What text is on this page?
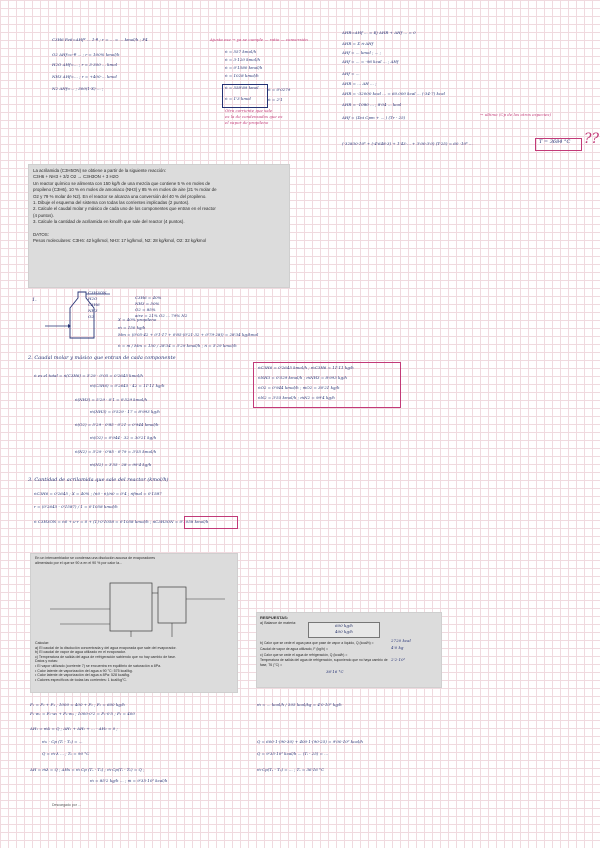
C3H6 Fe6=ΔHfº ... 1-θ ; r = ... = ... kmol/h ; F4
O2 ΔHf=c·θ ... ; r = 100% kmol/h
H2O ΔHf=... ; r = 3·300 ... kmol
NH3 ΔHf=... ; r = +400·... kmol
N2 ΔHf=... ; 300(1-X)·... ;
Ajusta ese → ya se cumple — ratio — conversión
ṅ = 557 kmol/h
ṅ = 3·120 kmol/h
ṅ = 0'1580 kmol/h
ṅ = 1028 kmol/h
ṅ = 558'89 kmol
ṅ = 1'3 kmol
ṅ = 0'0279
ṅ = 2'1
Otra corriente que sale
es la de condensados que es
el vapor de propileno
ΔHR=ΔHf ... = Ej ΔHR + ΔHf ... = 0
ΔHR = Σ ṅ·ΔHf
ΔHf = ... kmol ; ... ;
ΔHf = ... = -96 kcal ... ; ΔHf
ΔHf = ...
ΔHR = ... ΔH ... ;
ΔHR = -32000 kcal ... = 60.000 kcal ... (-34·7) kcal
ΔHR = -1080 ... ; 8'04 ... kcal
ΔHf = (Σni Cpm + ... ) (Tr - 25)
→ ultimo (Cp de los otros especies)
(-32830·10⁶ + (-4'648·3) + 1'43·... + 3'00·3'0) (T-25) = 60 ·10⁶ ...	T = 3684 °C ??

La acrilamida (C3H5ON) se obtiene a partir de la siguiente reacción:

C3H6 + NH3 + 3/2 O2 → C3H3ON + 3 H2O

Un reactor químico se alimenta con 150 kg/h de una mezcla que contiene 5 % en moles de

propileno (C3H6), 10 % en moles de amoniaco (NH3) y 85 % en moles de aire (21 % molar de

O2 y 79 % molar de N2). En el reactor se alcanza una conversión del 40 % del propileno.

1. Dibuje el esquema del sistema con todas las corrientes implicadas (2 puntos).

2. Calcule el caudal molar y másico de cada uno de los componentes que entran en el reactor

(4 puntos).

3. Calcule la cantidad de acrilamida en kmol/h que sale del reactor (4 puntos).

DATOS:

Pesos moleculares: C3H6: 42 kg/kmol, NH3: 17 kg/kmol, N2: 28 kg/kmol, O2: 32 kg/kmol

1.
C3H3ON
H2O
C3H6
NH3
O2
C3H6 = 40%
NH3 = 50%
O2 = 85%
aire = 21% O2 ... 79% N2
X = 40% propileno
ṁ = 150 kg/h
Mm = (0'05·42 + 0'1·17 + 0'85·(0'21·32 + 0'79·28)) = 28'34 kg/kmol
ṅ = ṁ / Mm = 150 / 28'34 = 5'29 kmol/h ; ṅ = 5'29 kmol/h
2. Caudal molar y másico que entran de cada componente
ṅ es el total = ṅ(C3H6) = 5'29 · 0'05 = 0'2645 kmol/h
ṁ(C3H6) = 0'2645 · 42 = 11'11 kg/h
ṅ(NH3) = 5'29 · 0'1 = 0'529 kmol/h
ṁ(NH3) = 0'529 · 17 = 8'993 kg/h
ṅ(O2) = 5'29 · 0'85 · 0'21 = 0'944 kmol/h
ṁ(O2) = 0'944 · 32 = 30'21 kg/h
ṅ(N2) = 5'29 · 0'85 · 0'79 = 3'55 kmol/h
ṁ(N2) = 3'55 · 28 = 99'4 kg/h
ṅC3H6 = 0'2645 kmol/h ; ṁC3H6 = 11'11 kg/h
ṅNH3 = 0'529 kmol/h ; ṁNH3 = 8'993 kg/h
ṅO2 = 0'944 kmol/h ; ṁO2 = 30'21 kg/h
ṅN2 = 3'55 kmol/h ; ṁN2 = 99'4 kg/h
3. Cantidad de acrilamida que sale del reactor (kmol/h)
ṅC3H6 = 0'2645 ; X = 40% ; (ṅ0 - ṅ)/ṅ0 = 0'4 ; ṅfinal = 0'1587
r = (0'2645 - 0'1587) / 1 = 0'1058 kmol/h
ṅ C3H3ON = ṅ0 + ν·r = 0 + (1)·0'1058 = 0'1058 kmol/h ; ṅC3H3ON = 0'1058 kmol/h

En un intercambiador se condensa una disolución acuosa de evaporadores

alimentado por el que se 90 a en el 90 % por calor la...

Calcular:

a) El caudal de la disolución concentrada y del agua evaporada que sale del evaporador.

b) El caudal de vapor de agua utilizado en el evaporador.

c) Temperatura de salida del agua de refrigeración sabiendo que no hay cambio de fase.

Datos y notas:

• El vapor utilizado (corriente 7) se encuentra en equilibrio de saturación a 8Pa.

• Calor latente de vaporización del agua a 90 °C: 575 kcal/kg.

• Calor latente de vaporización del agua a 8Pa: 528 kcal/kg.

• Calores específicos de todas las corrientes: 1 kcal/kg°C.

RESPUESTAS:

a) Balance de materia:	600 kg/h
400 kg/h

b) Calor que se cede el agua para que pase de vapor a líquido, Q (kcal/h) =

Caudal de vapor de agua utilizado, F (kg/h) =

c) Calor que se cede el agua de refrigeración, Q (kcal/h) =

Temperatura de salida del agua de refrigeración, suponiendo que no haya cambio de

fase, T6 (°C) =

2720 kcal
4'0 kg
2'2·10⁵
36'16 °C
F₁ = F₂ + F₃ ; 1000 = 400 + F₂ ; F₂ = 600 kg/h
F₁·w₁ = F₂·w₂ + F₃·w₃ ; 1000·0'2 = F₂·0'5 ; F₂ = 400
ΔH₁ = ṁλ = Q ; ΔH₁ + ΔH₂ + ... - ΔH₂ = 0 ;
ṁ₁ · Cp (Tᵢ - T₀) = ...
Q = ṁ·λ ... ; T₀ = 90 °C
ΔH = ṁλ = Q ; ΔHs = ṁ Cp (Tₛ - T₀) ; ṁ·Cp(Tᵢ - T₀) = Q ;
ṁ = 85'2 kg/h ... ; ṁ = 9'35·10⁵ kcal/h
ṁ = ... kcal/h / 505 kcal/kg = 4'0·10² kg/h
Q = 600·1·(90-30) + 400·1·(90-25) = 9'00·10⁵ kcal/h
Q = 9'35·10⁵ kcal/h ... (Tᵢ - 25) = ...
ṁ·Cp(Tₛ - T₀) = ... ; Tₛ = 36'16 °C
Descargado por ...
